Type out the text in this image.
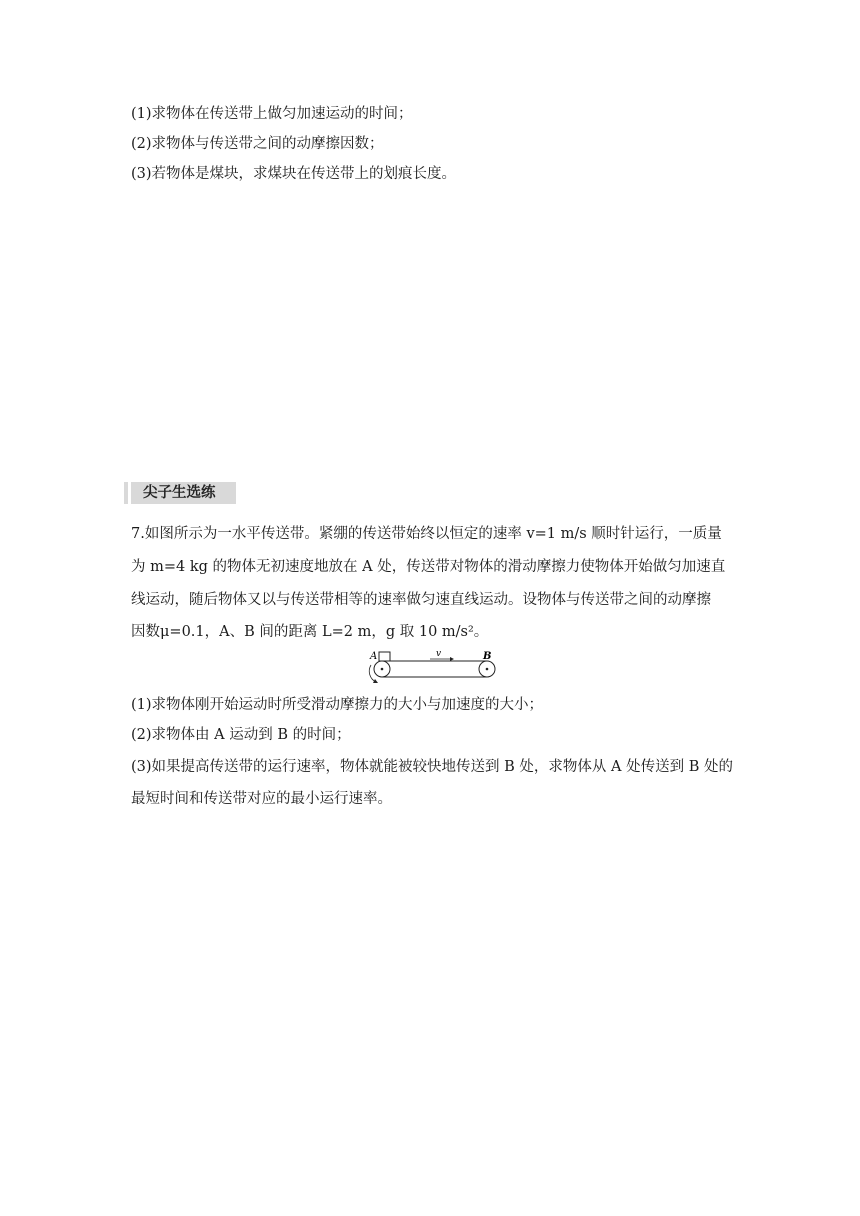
(1)求物体在传送带上做匀加速运动的时间；
(2)求物体与传送带之间的动摩擦因数；
(3)若物体是煤块，求煤块在传送带上的划痕长度。
尖子生选练
7.如图所示为一水平传送带。紧绷的传送带始终以恒定的速率 v=1 m/s 顺时针运行，一质量
为 m=4 kg 的物体无初速度地放在 A 处，传送带对物体的滑动摩擦力使物体开始做匀加速直
线运动，随后物体又以与传送带相等的速率做匀速直线运动。设物体与传送带之间的动摩擦
因数μ=0.1，A、B 间的距离 L=2 m，g 取 10 m/s²。
A	v	B
(1)求物体刚开始运动时所受滑动摩擦力的大小与加速度的大小；
(2)求物体由 A 运动到 B 的时间；
(3)如果提高传送带的运行速率，物体就能被较快地传送到 B 处，求物体从 A 处传送到 B 处的
最短时间和传送带对应的最小运行速率。
